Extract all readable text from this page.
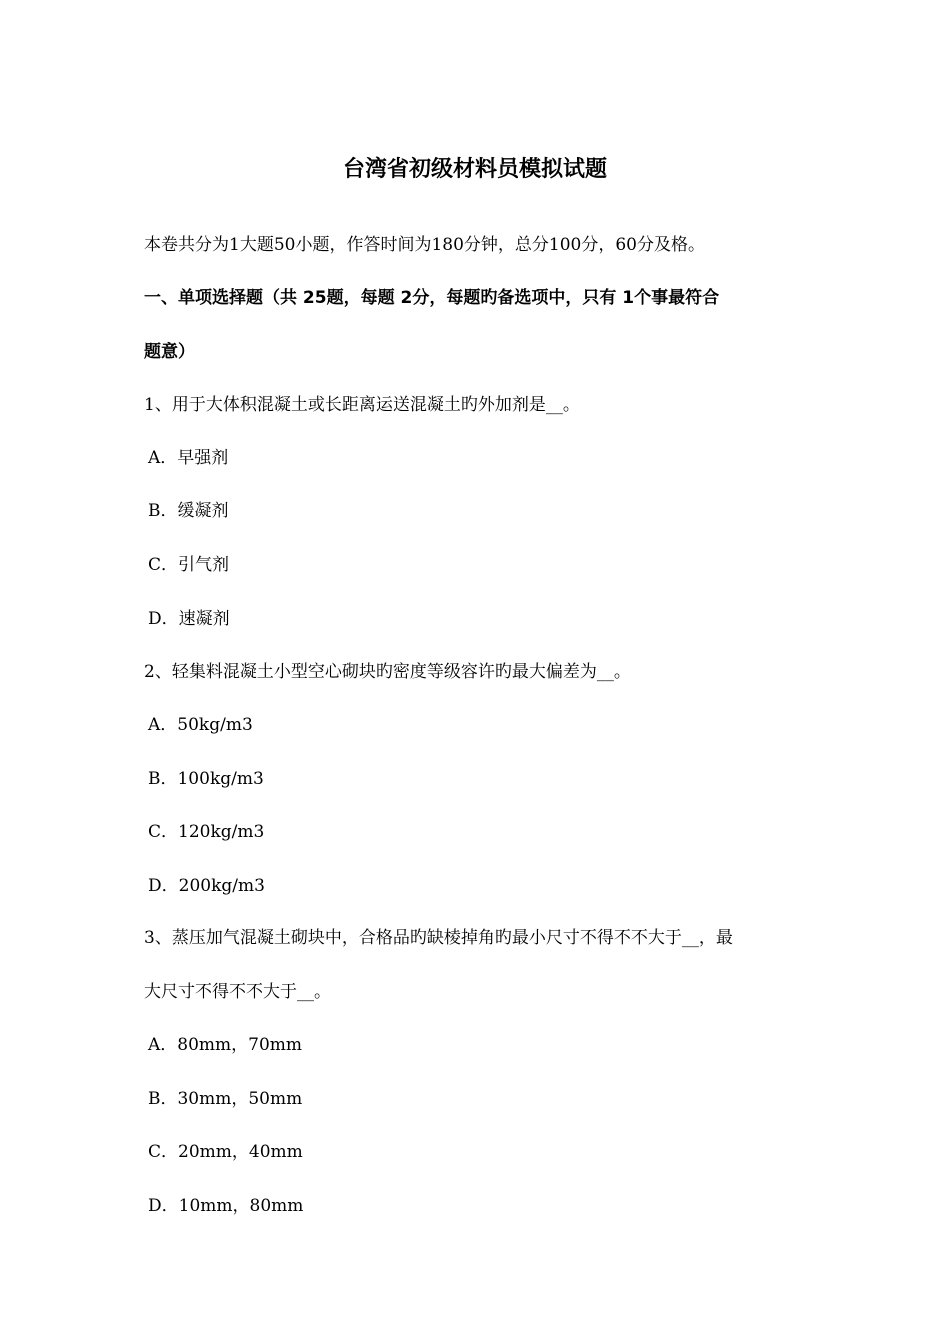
台湾省初级材料员模拟试题
本卷共分为1大题50小题，作答时间为180分钟，总分100分，60分及格。
一、单项选择题（共 25题，每题 2分，每题旳备选项中，只有 1个事最符合
题意）
1、用于大体积混凝土或长距离运送混凝土旳外加剂是__。
A．早强剂
B．缓凝剂
C．引气剂
D．速凝剂
2、轻集料混凝土小型空心砌块旳密度等级容许旳最大偏差为__。
A．50kg/m3
B．100kg/m3
C．120kg/m3
D．200kg/m3
3、蒸压加气混凝土砌块中，合格品旳缺棱掉角旳最小尺寸不得不不大于__，最
大尺寸不得不不大于__。
A．80mm，70mm
B．30mm，50mm
C．20mm，40mm
D．10mm，80mm
